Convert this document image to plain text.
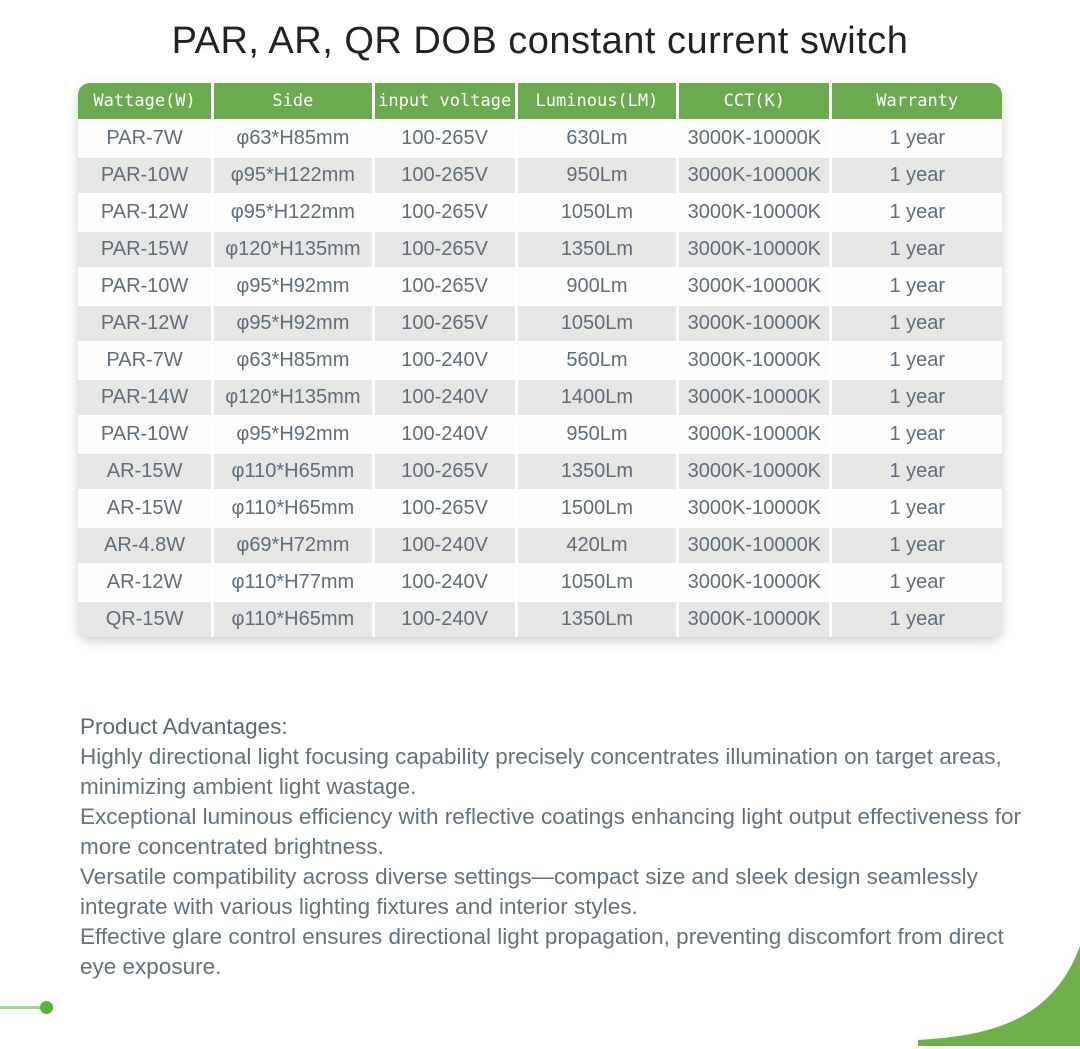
PAR, AR, QR DOB constant current switch
Wattage(W)	Side	input voltage	Luminous(LM)	CCT(K)	Warranty
PAR-7W	φ63*H85mm	100-265V	630Lm	3000K-10000K	1 year
PAR-10W	φ95*H122mm	100-265V	950Lm	3000K-10000K	1 year
PAR-12W	φ95*H122mm	100-265V	1050Lm	3000K-10000K	1 year
PAR-15W	φ120*H135mm	100-265V	1350Lm	3000K-10000K	1 year
PAR-10W	φ95*H92mm	100-265V	900Lm	3000K-10000K	1 year
PAR-12W	φ95*H92mm	100-265V	1050Lm	3000K-10000K	1 year
PAR-7W	φ63*H85mm	100-240V	560Lm	3000K-10000K	1 year
PAR-14W	φ120*H135mm	100-240V	1400Lm	3000K-10000K	1 year
PAR-10W	φ95*H92mm	100-240V	950Lm	3000K-10000K	1 year
AR-15W	φ110*H65mm	100-265V	1350Lm	3000K-10000K	1 year
AR-15W	φ110*H65mm	100-265V	1500Lm	3000K-10000K	1 year
AR-4.8W	φ69*H72mm	100-240V	420Lm	3000K-10000K	1 year
AR-12W	φ110*H77mm	100-240V	1050Lm	3000K-10000K	1 year
QR-15W	φ110*H65mm	100-240V	1350Lm	3000K-10000K	1 year
Product Advantages:

Highly directional light focusing capability precisely concentrates illumination on target areas, minimizing ambient light wastage.

Exceptional luminous efficiency with reflective coatings enhancing light output effectiveness for more concentrated brightness.

Versatile compatibility across diverse settings—compact size and sleek design seamlessly integrate with various lighting fixtures and interior styles.

Effective glare control ensures directional light propagation, preventing discomfort from direct eye exposure.
